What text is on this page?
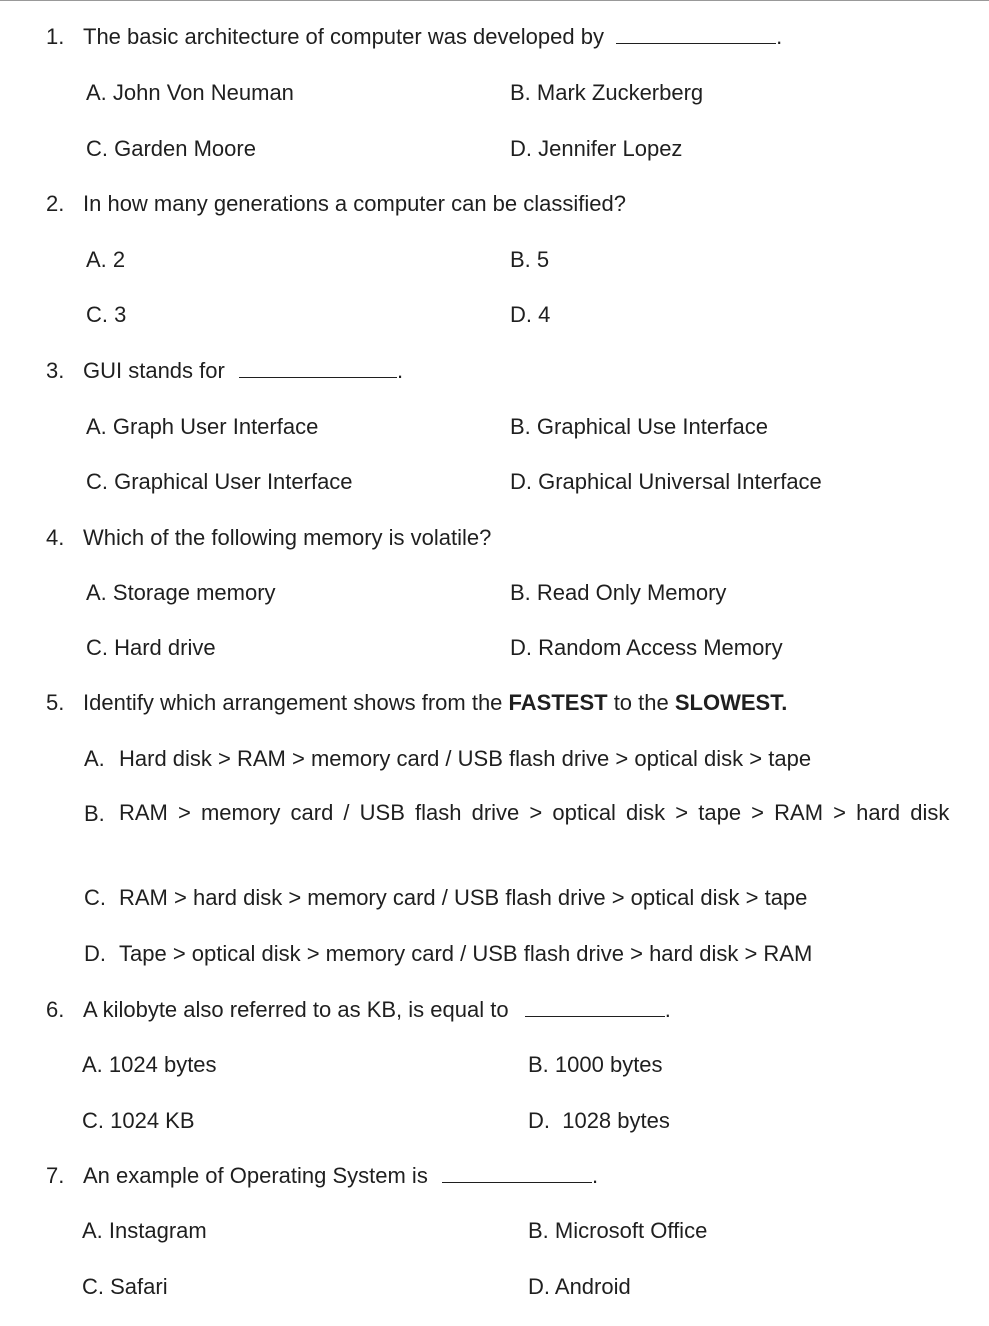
1. The basic architecture of computer was developed by	.
A. John Von Neuman	B. Mark Zuckerberg
C. Garden Moore	D. Jennifer Lopez
2. In how many generations a computer can be classified?
A. 2	B. 5
C. 3	D. 4
3. GUI stands for	.
A. Graph User Interface	B. Graphical Use Interface
C. Graphical User Interface	D. Graphical Universal Interface
4. Which of the following memory is volatile?
A. Storage memory	B. Read Only Memory
C. Hard drive	D. Random Access Memory
5. Identify which arrangement shows from the FASTEST to the SLOWEST.
A. Hard disk > RAM > memory card / USB flash drive > optical disk > tape
B. RAM > memory card / USB flash drive > optical disk > tape > RAM > hard disk
C. RAM > hard disk > memory card / USB flash drive > optical disk > tape
D. Tape > optical disk > memory card / USB flash drive > hard disk > RAM
6. A kilobyte also referred to as KB, is equal to	.
A. 1024 bytes	B. 1000 bytes
C. 1024 KB	D.  1028 bytes
7. An example of Operating System is	.
A. Instagram	B. Microsoft Office
C. Safari	D. Android
